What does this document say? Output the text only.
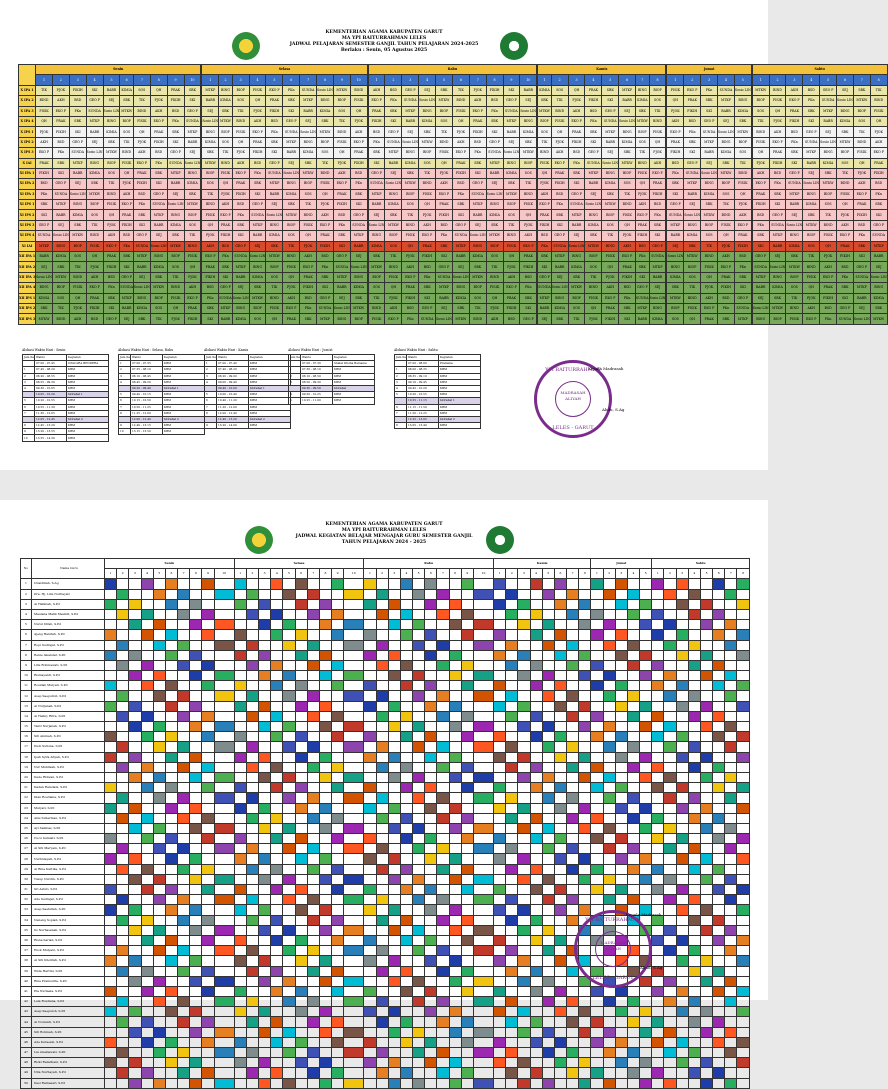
KEMENTERIAN AGAMA KABUPATEN GARUT
MA YPI BAITURRAHMAN LELES
JADWAL PELAJARAN SEMESTER GANJIL TAHUN PELAJARAN 2024-2025
Berlaku : Senin, 05 Agustus 2025
	Senin										Selasa										Rabu										Kamis								Jumat					Sabtu							
	1	2	3	4	5	6	7	8	9	10	1	2	3	4	5	6	7	8	9	10	1	2	3	4	5	6	7	8	9	10	1	2	3	4	5	6	7	8	1	2	3	4	5	1	2	3	4	5	6	7	8
X IPA 1	TIK	PJOK	FIKIH	SKI	BABR	KIMIA	SOS	QH	PRAK	SBK	MTKP	BING	BIOP	FISIK	EKO P	PKn	SUNDA	Sosio LIN	MTKW	BIND	AKH	BSD	GEO P	SEJ	SBK	TIK	PJOK	FIKIH	SKI	BABR	KIMIA	SOS	QH	PRAK	SBK	MTKP	BING	BIOP	FISIK	EKO P	PKn	SUNDA	Sosio LIN	MTKW	BIND	AKH	BSD	GEO P	SEJ	SBK	TIK
X IPA 2	BIND	AKH	BSD	GEO P	SEJ	SBK	TIK	PJOK	FIKIH	SKI	BABR	KIMIA	SOS	QH	PRAK	SBK	MTKP	BING	BIOP	FISIK	EKO P	PKn	SUNDA	Sosio LIN	MTKW	BIND	AKH	BSD	GEO P	SEJ	SBK	TIK	PJOK	FIKIH	SKI	BABR	KIMIA	SOS	QH	PRAK	SBK	MTKP	BING	BIOP	FISIK	EKO P	PKn	SUNDA	Sosio LIN	MTKW	BIND
X IPA 3	FISIK	EKO P	PKn	SUNDA	Sosio LIN	MTKW	BIND	AKH	BSD	GEO P	SEJ	SBK	TIK	PJOK	FIKIH	SKI	BABR	KIMIA	SOS	QH	PRAK	SBK	MTKP	BING	BIOP	FISIK	EKO P	PKn	SUNDA	Sosio LIN	MTKW	BIND	AKH	BSD	GEO P	SEJ	SBK	TIK	PJOK	FIKIH	SKI	BABR	KIMIA	SOS	QH	PRAK	SBK	MTKP	BING	BIOP	FISIK
X IPA 4	QH	PRAK	SBK	MTKP	BING	BIOP	FISIK	EKO P	PKn	SUNDA	Sosio LIN	MTKW	BIND	AKH	BSD	GEO P	SEJ	SBK	TIK	PJOK	FIKIH	SKI	BABR	KIMIA	SOS	QH	PRAK	SBK	MTKP	BING	BIOP	FISIK	EKO P	PKn	SUNDA	Sosio LIN	MTKW	BIND	AKH	BSD	GEO P	SEJ	SBK	TIK	PJOK	FIKIH	SKI	BABR	KIMIA	SOS	QH
X IPS 1	PJOK	FIKIH	SKI	BABR	KIMIA	SOS	QH	PRAK	SBK	MTKP	BING	BIOP	FISIK	EKO P	PKn	SUNDA	Sosio LIN	MTKW	BIND	AKH	BSD	GEO P	SEJ	SBK	TIK	PJOK	FIKIH	SKI	BABR	KIMIA	SOS	QH	PRAK	SBK	MTKP	BING	BIOP	FISIK	EKO P	PKn	SUNDA	Sosio LIN	MTKW	BIND	AKH	BSD	GEO P	SEJ	SBK	TIK	PJOK
X IPS 2	AKH	BSD	GEO P	SEJ	SBK	TIK	PJOK	FIKIH	SKI	BABR	KIMIA	SOS	QH	PRAK	SBK	MTKP	BING	BIOP	FISIK	EKO P	PKn	SUNDA	Sosio LIN	MTKW	BIND	AKH	BSD	GEO P	SEJ	SBK	TIK	PJOK	FIKIH	SKI	BABR	KIMIA	SOS	QH	PRAK	SBK	MTKP	BING	BIOP	FISIK	EKO P	PKn	SUNDA	Sosio LIN	MTKW	BIND	AKH
X IPS 3	EKO P	PKn	SUNDA	Sosio LIN	MTKW	BIND	AKH	BSD	GEO P	SEJ	SBK	TIK	PJOK	FIKIH	SKI	BABR	KIMIA	SOS	QH	PRAK	SBK	MTKP	BING	BIOP	FISIK	EKO P	PKn	SUNDA	Sosio LIN	MTKW	BIND	AKH	BSD	GEO P	SEJ	SBK	TIK	PJOK	FIKIH	SKI	BABR	KIMIA	SOS	QH	PRAK	SBK	MTKP	BING	BIOP	FISIK	EKO P
X IAI	PRAK	SBK	MTKP	BING	BIOP	FISIK	EKO P	PKn	SUNDA	Sosio LIN	MTKW	BIND	AKH	BSD	GEO P	SEJ	SBK	TIK	PJOK	FIKIH	SKI	BABR	KIMIA	SOS	QH	PRAK	SBK	MTKP	BING	BIOP	FISIK	EKO P	PKn	SUNDA	Sosio LIN	MTKW	BIND	AKH	BSD	GEO P	SEJ	SBK	TIK	PJOK	FIKIH	SKI	BABR	KIMIA	SOS	QH	PRAK
XI IPA 1	FIKIH	SKI	BABR	KIMIA	SOS	QH	PRAK	SBK	MTKP	BING	BIOP	FISIK	EKO P	PKn	SUNDA	Sosio LIN	MTKW	BIND	AKH	BSD	GEO P	SEJ	SBK	TIK	PJOK	FIKIH	SKI	BABR	KIMIA	SOS	QH	PRAK	SBK	MTKP	BING	BIOP	FISIK	EKO P	PKn	SUNDA	Sosio LIN	MTKW	BIND	AKH	BSD	GEO P	SEJ	SBK	TIK	PJOK	FIKIH
XI IPA 2	BSD	GEO P	SEJ	SBK	TIK	PJOK	FIKIH	SKI	BABR	KIMIA	SOS	QH	PRAK	SBK	MTKP	BING	BIOP	FISIK	EKO P	PKn	SUNDA	Sosio LIN	MTKW	BIND	AKH	BSD	GEO P	SEJ	SBK	TIK	PJOK	FIKIH	SKI	BABR	KIMIA	SOS	QH	PRAK	SBK	MTKP	BING	BIOP	FISIK	EKO P	PKn	SUNDA	Sosio LIN	MTKW	BIND	AKH	BSD
XI IPA 3	PKn	SUNDA	Sosio LIN	MTKW	BIND	AKH	BSD	GEO P	SEJ	SBK	TIK	PJOK	FIKIH	SKI	BABR	KIMIA	SOS	QH	PRAK	SBK	MTKP	BING	BIOP	FISIK	EKO P	PKn	SUNDA	Sosio LIN	MTKW	BIND	AKH	BSD	GEO P	SEJ	SBK	TIK	PJOK	FIKIH	SKI	BABR	KIMIA	SOS	QH	PRAK	SBK	MTKP	BING	BIOP	FISIK	EKO P	PKn
XI IPS 1	SBK	MTKP	BING	BIOP	FISIK	EKO P	PKn	SUNDA	Sosio LIN	MTKW	BIND	AKH	BSD	GEO P	SEJ	SBK	TIK	PJOK	FIKIH	SKI	BABR	KIMIA	SOS	QH	PRAK	SBK	MTKP	BING	BIOP	FISIK	EKO P	PKn	SUNDA	Sosio LIN	MTKW	BIND	AKH	BSD	GEO P	SEJ	SBK	TIK	PJOK	FIKIH	SKI	BABR	KIMIA	SOS	QH	PRAK	SBK
XI IPS 2	SKI	BABR	KIMIA	SOS	QH	PRAK	SBK	MTKP	BING	BIOP	FISIK	EKO P	PKn	SUNDA	Sosio LIN	MTKW	BIND	AKH	BSD	GEO P	SEJ	SBK	TIK	PJOK	FIKIH	SKI	BABR	KIMIA	SOS	QH	PRAK	SBK	MTKP	BING	BIOP	FISIK	EKO P	PKn	SUNDA	Sosio LIN	MTKW	BIND	AKH	BSD	GEO P	SEJ	SBK	TIK	PJOK	FIKIH	SKI
XI IPS 3	GEO P	SEJ	SBK	TIK	PJOK	FIKIH	SKI	BABR	KIMIA	SOS	QH	PRAK	SBK	MTKP	BING	BIOP	FISIK	EKO P	PKn	SUNDA	Sosio LIN	MTKW	BIND	AKH	BSD	GEO P	SEJ	SBK	TIK	PJOK	FIKIH	SKI	BABR	KIMIA	SOS	QH	PRAK	SBK	MTKP	BING	BIOP	FISIK	EKO P	PKn	SUNDA	Sosio LIN	MTKW	BIND	AKH	BSD	GEO P
XI IPS 4	SUNDA	Sosio LIN	MTKW	BIND	AKH	BSD	GEO P	SEJ	SBK	TIK	PJOK	FIKIH	SKI	BABR	KIMIA	SOS	QH	PRAK	SBK	MTKP	BING	BIOP	FISIK	EKO P	PKn	SUNDA	Sosio LIN	MTKW	BIND	AKH	BSD	GEO P	SEJ	SBK	TIK	PJOK	FIKIH	SKI	BABR	KIMIA	SOS	QH	PRAK	SBK	MTKP	BING	BIOP	FISIK	EKO P	PKn	SUNDA
XI IAI	MTKP	BING	BIOP	FISIK	EKO P	PKn	SUNDA	Sosio LIN	MTKW	BIND	AKH	BSD	GEO P	SEJ	SBK	TIK	PJOK	FIKIH	SKI	BABR	KIMIA	SOS	QH	PRAK	SBK	MTKP	BING	BIOP	FISIK	EKO P	PKn	SUNDA	Sosio LIN	MTKW	BIND	AKH	BSD	GEO P	SEJ	SBK	TIK	PJOK	FIKIH	SKI	BABR	KIMIA	SOS	QH	PRAK	SBK	MTKP
XII IPA 1	BABR	KIMIA	SOS	QH	PRAK	SBK	MTKP	BING	BIOP	FISIK	EKO P	PKn	SUNDA	Sosio LIN	MTKW	BIND	AKH	BSD	GEO P	SEJ	SBK	TIK	PJOK	FIKIH	SKI	BABR	KIMIA	SOS	QH	PRAK	SBK	MTKP	BING	BIOP	FISIK	EKO P	PKn	SUNDA	Sosio LIN	MTKW	BIND	AKH	BSD	GEO P	SEJ	SBK	TIK	PJOK	FIKIH	SKI	BABR
XII IPA 2	SEJ	SBK	TIK	PJOK	FIKIH	SKI	BABR	KIMIA	SOS	QH	PRAK	SBK	MTKP	BING	BIOP	FISIK	EKO P	PKn	SUNDA	Sosio LIN	MTKW	BIND	AKH	BSD	GEO P	SEJ	SBK	TIK	PJOK	FIKIH	SKI	BABR	KIMIA	SOS	QH	PRAK	SBK	MTKP	BING	BIOP	FISIK	EKO P	PKn	SUNDA	Sosio LIN	MTKW	BIND	AKH	BSD	GEO P	SEJ
XII IPA 3	Sosio LIN	MTKW	BIND	AKH	BSD	GEO P	SEJ	SBK	TIK	PJOK	FIKIH	SKI	BABR	KIMIA	SOS	QH	PRAK	SBK	MTKP	BING	BIOP	FISIK	EKO P	PKn	SUNDA	Sosio LIN	MTKW	BIND	AKH	BSD	GEO P	SEJ	SBK	TIK	PJOK	FIKIH	SKI	BABR	KIMIA	SOS	QH	PRAK	SBK	MTKP	BING	BIOP	FISIK	EKO P	PKn	SUNDA	Sosio LIN
XII IPA 4	BING	BIOP	FISIK	EKO P	PKn	SUNDA	Sosio LIN	MTKW	BIND	AKH	BSD	GEO P	SEJ	SBK	TIK	PJOK	FIKIH	SKI	BABR	KIMIA	SOS	QH	PRAK	SBK	MTKP	BING	BIOP	FISIK	EKO P	PKn	SUNDA	Sosio LIN	MTKW	BIND	AKH	BSD	GEO P	SEJ	SBK	TIK	PJOK	FIKIH	SKI	BABR	KIMIA	SOS	QH	PRAK	SBK	MTKP	BING
XII IPS 1	KIMIA	SOS	QH	PRAK	SBK	MTKP	BING	BIOP	FISIK	EKO P	PKn	SUNDA	Sosio LIN	MTKW	BIND	AKH	BSD	GEO P	SEJ	SBK	TIK	PJOK	FIKIH	SKI	BABR	KIMIA	SOS	QH	PRAK	SBK	MTKP	BING	BIOP	FISIK	EKO P	PKn	SUNDA	Sosio LIN	MTKW	BIND	AKH	BSD	GEO P	SEJ	SBK	TIK	PJOK	FIKIH	SKI	BABR	KIMIA
XII IPS 2	SBK	TIK	PJOK	FIKIH	SKI	BABR	KIMIA	SOS	QH	PRAK	SBK	MTKP	BING	BIOP	FISIK	EKO P	PKn	SUNDA	Sosio LIN	MTKW	BIND	AKH	BSD	GEO P	SEJ	SBK	TIK	PJOK	FIKIH	SKI	BABR	KIMIA	SOS	QH	PRAK	SBK	MTKP	BING	BIOP	FISIK	EKO P	PKn	SUNDA	Sosio LIN	MTKW	BIND	AKH	BSD	GEO P	SEJ	SBK
XII IPS 3	MTKW	BIND	AKH	BSD	GEO P	SEJ	SBK	TIK	PJOK	FIKIH	SKI	BABR	KIMIA	SOS	QH	PRAK	SBK	MTKP	BING	BIOP	FISIK	EKO P	PKn	SUNDA	Sosio LIN	MTKW	BIND	AKH	BSD	GEO P	SEJ	SBK	TIK	PJOK	FIKIH	SKI	BABR	KIMIA	SOS	QH	PRAK	SBK	MTKP	BING	BIOP	FISIK	EKO P	PKn	SUNDA	Sosio LIN	MTKW
Alokasi Waktu Hari : Senin
Jam Ke	Waktu	Kegiatan
	07.00 - 07.45	UPACARA BENDERA
1	07.45 - 08.20	KBM
2	08.20 - 08.55	KBM
3	08.55 - 09.30	KBM
4	09.30 - 10.05	KBM
	10.05 - 10.20	Istirahat 1
5	10.20 - 10.55	KBM
6	10.55 - 11.30	KBM
7	11.30 - 12.05	KBM
	12.05 - 12.45	Istirahat 2
8	12.45 - 13.20	KBM
9	13.20 - 13.55	KBM
10	13.55 - 14.30	KBM
Alokasi Waktu Hari : Selasa, Rabu
Jam Ke	Waktu	Kegiatan
1	07.00 - 07.35	KBM
2	07.35 - 08.10	KBM
3	08.10 - 08.45	KBM
4	08.45 - 09.20	KBM
	09.20 - 09.40	Istirahat 1
5	09.40 - 10.15	KBM
6	10.15 - 10.50	KBM
7	10.50 - 11.25	KBM
8	11.25 - 12.00	KBM
	12.00 - 12.40	Istirahat 2
9	12.40 - 13.15	KBM
10	13.15 - 13.50	KBM
Alokasi Waktu Hari : Kamis
Jam Ke	Waktu	Kegiatan
1	07.00 - 07.40	KBM
2	07.40 - 08.20	KBM
3	08.20 - 09.00	KBM
4	09.00 - 09.40	KBM
	09.40 - 10.00	Istirahat 1
5	10.00 - 10.40	KBM
6	10.40 - 11.20	KBM
7	11.20 - 12.00	KBM
8	12.00 - 12.40	KBM
	12.40 - 13.20	Istirahat 2
9	13.20 - 14.00	KBM
Alokasi Waktu Hari : Jum'at
Jam Ke	Waktu	Kegiatan
	07.00 - 07.30	Shalat Dhuha Bersama
1	07.30 - 08.10	KBM
2	08.10 - 08.50	KBM
3	08.50 - 09.30	KBM
	09.30 - 09.50	Istirahat
4	09.50 - 10.25	KBM
5	10.25 - 11.00	KBM
Alokasi Waktu Hari : Sabtu
Jam Ke	Waktu	Kegiatan
	07.00 - 08.00	Pramuka
1	08.00 - 08.35	KBM
2	08.35 - 09.10	KBM
3	09.10 - 09.45	KBM
4	09.45 - 10.20	KBM
5	10.20 - 10.55	KBM
	10.55 - 11.15	Istirahat 1
6	11.15 - 11.50	KBM
7	11.50 - 12.25	KBM
	12.25 - 13.05	Istirahat 2
8	13.05 - 13.40	KBM
YPI BAITURRAHMAN
MADRASAH ALIYAH
LELES - GARUT
Kepala Madrasah
Abdu, S.Ag
KEMENTERIAN AGAMA KABUPATEN GARUT
MA YPI BAITURRAHMAN LELES
JADWAL KEGIATAN BELAJAR MENGAJAR GURU SEMESTER GANJIL
TAHUN PELAJARAN 2024 - 2025
No	Nama Guru	Senin										Selasa										Rabu										Kamis								Jumat					Sabtu							
		1	2	3	4	5	6	7	8	9	10	1	2	3	4	5	6	7	8	9	10	1	2	3	4	5	6	7	8	9	10	1	2	3	4	5	6	7	8	1	2	3	4	5	1	2	3	4	5	6	7	8
1	Ubaidillah, S.Ag																																																			
2	Dra. Hj. Lilis Nurhayati																																																			
3	Ai Halimah, S.Pd																																																			
4	Maulana Malik Maulidi, S.Pd																																																			
5	Nurul Ulfah, S.Pd																																																			
6	Ajeng Hanifah, S.Pd																																																			
7	Ropi Sudrajat, S.Pd																																																			
8	Renie Iskandar, S.Pd																																																			
9	Lilis Rohmawati, S.Pd																																																			
10	Rismayanti, S.Pd																																																			
11	Rosidah Mulyati, S.Pd																																																			
12	Asep Saepulloh, S.Pd																																																			
13	Ai Nurjanah, S.Pd																																																			
14	Ai Helmy Ritra, S.Pd																																																			
15	Yanti Nurjanah, S.Pd																																																			
16	Siti Aminah, S.Pd																																																			
17	Dudi Sutisna, S.Pd																																																			
18	Ipah Syifa Afiyah, S.Pd																																																			
19	Nur Muhlisah, S.Pd																																																			
20	Dede Ridwan, S.Pd																																																			
21	Dadan Ramdani, S.Pd																																																			
22	Dian Rosdiana, S.Pd																																																			
23	Mulyati, S.Pd																																																			
24	Anis Suherman, S.Pd																																																			
25	Ayi Sambas, S.Pd																																																			
26	Cucu Sumiati, S.Pd																																																			
27	Ai Siti Maryam, S.Pd																																																			
28	Nurhidayati, S.Pd																																																			
29	Ai Rina Kartika, S.Pd																																																			
30	Yusup Nurdin, S.Pd																																																			
31	Sri Astuti, S.Pd																																																			
32	Ade Sudrajat, S.Pd																																																			
33	Asep Saefullah, S.Pd																																																			
34	Neneng Sopiah, S.Pd																																																			
35	Iis Nurhasanah, S.Pd																																																			
36	Risna Sariah, S.Pd																																																			
37	Enok Mulyani, S.Pd																																																			
38	Ai Siti Kholifah, S.Pd																																																			
39	Wida Hartini, S.Pd																																																			
40	Rina Pramudita, S.Pd																																																			
41	Ela Nurlaela, S.Pd																																																			
42	Lela Rosdiana, S.Pd																																																			
43	Asep Saepuloh, S.Pd																																																			
44	Ai Novianti, S.Pd																																																			
45	Siti Rohmah, S.Pd																																																			
46	Ade Kuraesin, S.Pd																																																			
47	Lia Ameliawati, S.Pd																																																			
48	Rizki Ramdhani, S.Pd																																																			
49	Nita Nurhayati, S.Pd																																																			
50	Desi Ratnasari, S.Pd																																																			
YPI BAITURRAHMAN
MADRASAH ALIYAH
LELES - GARUT
Kepala Madrasah
Abdu, S.Ag
